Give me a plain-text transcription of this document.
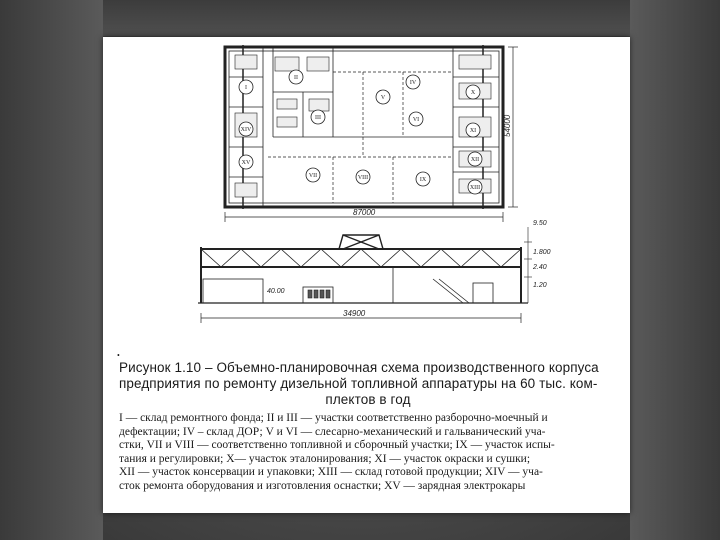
I
XV
II
III
IV
V
VI
VII	VIII	IX
X
XI
XII
XIII
XIV
87000
54000
40.00
9.50
1.800
2.40
1.20
34900
•
Рисунок 1.10 – Объемно-планировочная схема производственного корпуса
предприятия по ремонту дизельной топливной аппаратуры на 60 тыс. ком-
плектов в год
I — склад ремонтного фонда; II и III — участки соответственно разборочно-моечный и
дефектации; IV – склад ДОР; V и VI — слесарно-механический и гальванический уча-
стки, VII и VIII — соответственно топливной и сборочный участки; IX — участок испы-
тания и регулировки; X— участок эталонирования; XI — участок окраски и сушки;
XII — участок консервации и упаковки; XIII — склад готовой продукции; XIV — уча-
сток ремонта оборудования и изготовления оснастки; XV — зарядная электрокары
